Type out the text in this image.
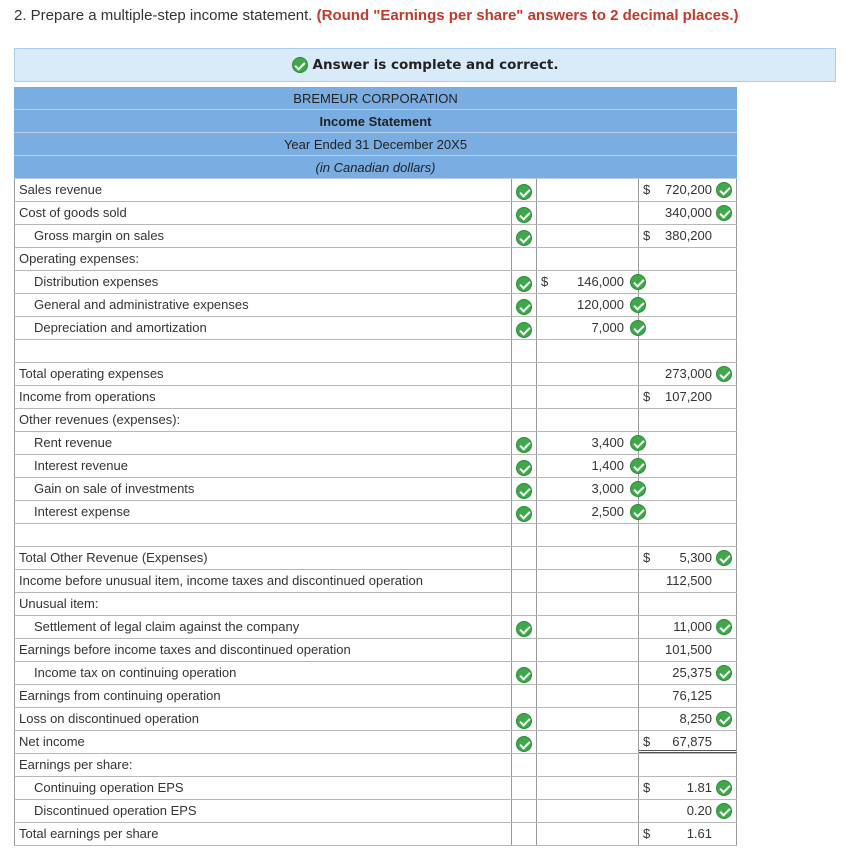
2. Prepare a multiple-step income statement. (Round "Earnings per share" answers to 2 decimal places.)
Answer is complete and correct.
BREMEUR CORPORATION
Income Statement
Year Ended 31 December 20X5
(in Canadian dollars)
Sales revenue	$ 720,200
Cost of goods sold	340,000
Gross margin on sales	$ 380,200
Operating expenses:
Distribution expenses	$ 146,000
General and administrative expenses	120,000
Depreciation and amortization	7,000
Total operating expenses	273,000
Income from operations	$ 107,200
Other revenues (expenses):
Rent revenue	3,400
Interest revenue	1,400
Gain on sale of investments	3,000
Interest expense	2,500
Total Other Revenue (Expenses)	$ 5,300
Income before unusual item, income taxes and discontinued operation	112,500
Unusual item:
Settlement of legal claim against the company	11,000
Earnings before income taxes and discontinued operation	101,500
Income tax on continuing operation	25,375
Earnings from continuing operation	76,125
Loss on discontinued operation	8,250
Net income	$ 67,875
Earnings per share:
Continuing operation EPS	$	1.81
Discontinued operation EPS	0.20
Total earnings per share	$	1.61
